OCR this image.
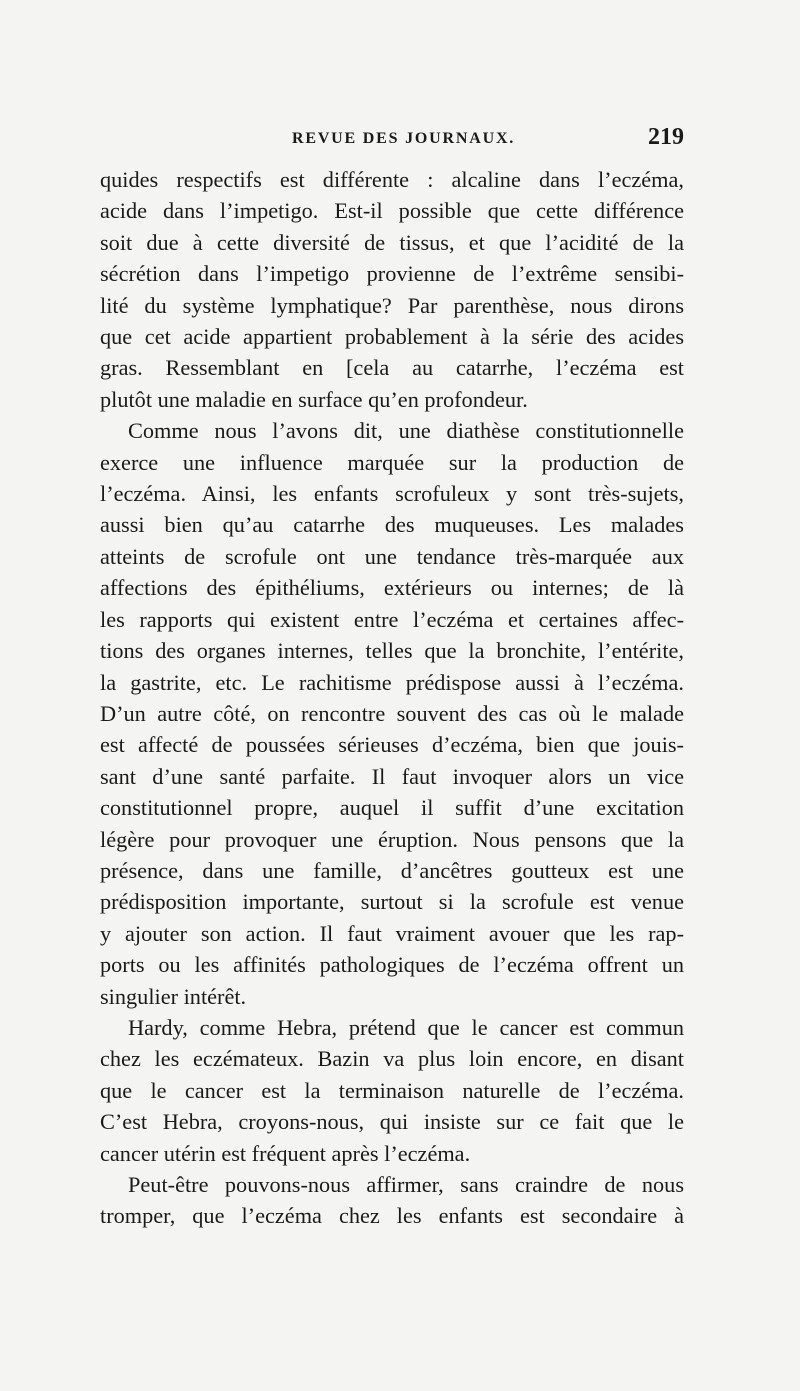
REVUE DES JOURNAUX.	219
quides respectifs est différente : alcaline dans l’eczéma,
acide dans l’impetigo. Est-il possible que cette différence
soit due à cette diversité de tissus, et que l’acidité de la
sécrétion dans l’impetigo provienne de l’extrême sensibi-
lité du système lymphatique? Par parenthèse, nous dirons
que cet acide appartient probablement à la série des acides
gras. Ressemblant en [cela au catarrhe, l’eczéma est
plutôt une maladie en surface qu’en profondeur.
Comme nous l’avons dit, une diathèse constitutionnelle
exerce une influence marquée sur la production de
l’eczéma. Ainsi, les enfants scrofuleux y sont très-sujets,
aussi bien qu’au catarrhe des muqueuses. Les malades
atteints de scrofule ont une tendance très-marquée aux
affections des épithéliums, extérieurs ou internes; de là
les rapports qui existent entre l’eczéma et certaines affec-
tions des organes internes, telles que la bronchite, l’entérite,
la gastrite, etc. Le rachitisme prédispose aussi à l’eczéma.
D’un autre côté, on rencontre souvent des cas où le malade
est affecté de poussées sérieuses d’eczéma, bien que jouis-
sant d’une santé parfaite. Il faut invoquer alors un vice
constitutionnel propre, auquel il suffit d’une excitation
légère pour provoquer une éruption. Nous pensons que la
présence, dans une famille, d’ancêtres goutteux est une
prédisposition importante, surtout si la scrofule est venue
y ajouter son action. Il faut vraiment avouer que les rap-
ports ou les affinités pathologiques de l’eczéma offrent un
singulier intérêt.
Hardy, comme Hebra, prétend que le cancer est commun
chez les eczémateux. Bazin va plus loin encore, en disant
que le cancer est la terminaison naturelle de l’eczéma.
C’est Hebra, croyons-nous, qui insiste sur ce fait que le
cancer utérin est fréquent après l’eczéma.
Peut-être pouvons-nous affirmer, sans craindre de nous
tromper, que l’eczéma chez les enfants est secondaire à
